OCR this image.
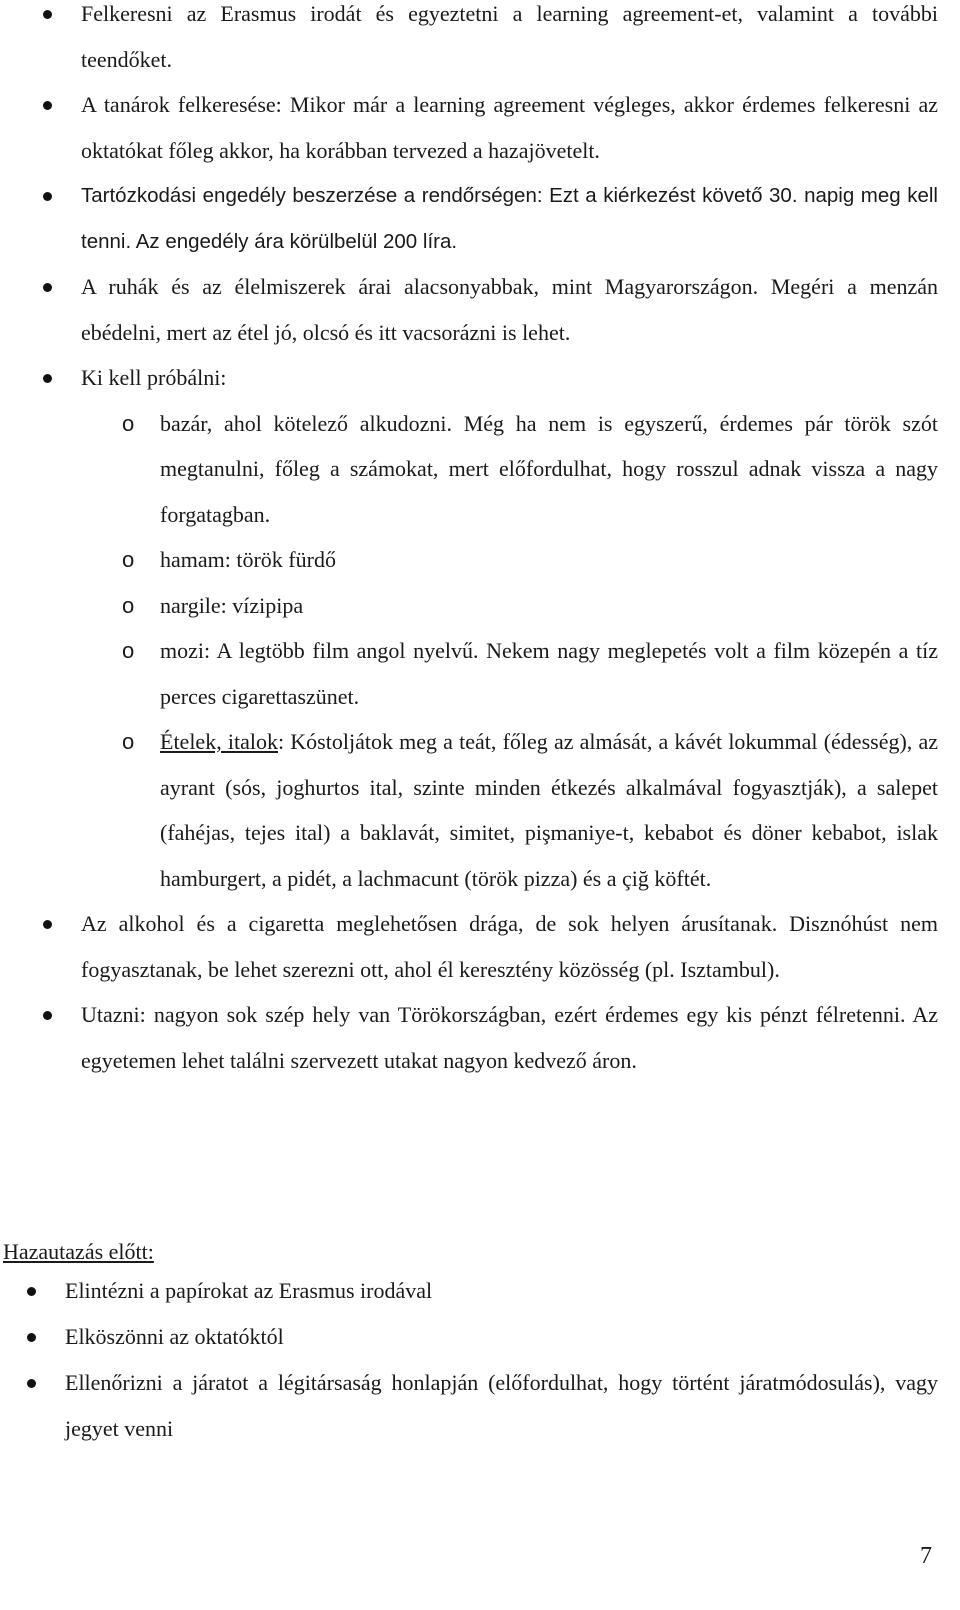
Felkeresni az Erasmus irodát és egyeztetni a learning agreement-et, valamint a további teendőket.
A tanárok felkeresése: Mikor már a learning agreement végleges, akkor érdemes felkeresni az oktatókat főleg akkor, ha korábban tervezed a hazajövetelt.
Tartózkodási engedély beszerzése a rendőrségen: Ezt a kiérkezést követő 30. napig meg kell tenni. Az engedély ára körülbelül 200 líra.
A ruhák és az élelmiszerek árai alacsonyabbak, mint Magyarországon. Megéri a menzán ebédelni, mert az étel jó, olcsó és itt vacsorázni is lehet.
Ki kell próbálni:
o bazár, ahol kötelező alkudozni. Még ha nem is egyszerű, érdemes pár török szót megtanulni, főleg a számokat, mert előfordulhat, hogy rosszul adnak vissza a nagy forgatagban.
o hamam: török fürdő
o nargile: vízipipa
o mozi: A legtöbb film angol nyelvű. Nekem nagy meglepetés volt a film közepén a tíz perces cigarettaszünet.
o Ételek, italok: Kóstoljátok meg a teát, főleg az almását, a kávét lokummal (édesség), az ayrant (sós, joghurtos ital, szinte minden étkezés alkalmával fogyasztják), a salepet (fahéjas, tejes ital) a baklavát, simitet, pişmaniye-t, kebabot és döner kebabot, islak hamburgert, a pidét, a lachmacunt (török pizza) és a çiğ köftét.
Az alkohol és a cigaretta meglehetősen drága, de sok helyen árusítanak. Disznóhúst nem fogyasztanak, be lehet szerezni ott, ahol él keresztény közösség (pl. Isztambul).
Utazni: nagyon sok szép hely van Törökországban, ezért érdemes egy kis pénzt félretenni. Az egyetemen lehet találni szervezett utakat nagyon kedvező áron.
Hazautazás előtt:
Elintézni a papírokat az Erasmus irodával
Elköszönni az oktatóktól
Ellenőrizni a járatot a légitársaság honlapján (előfordulhat, hogy történt járatmódosulás), vagy jegyet venni
7
